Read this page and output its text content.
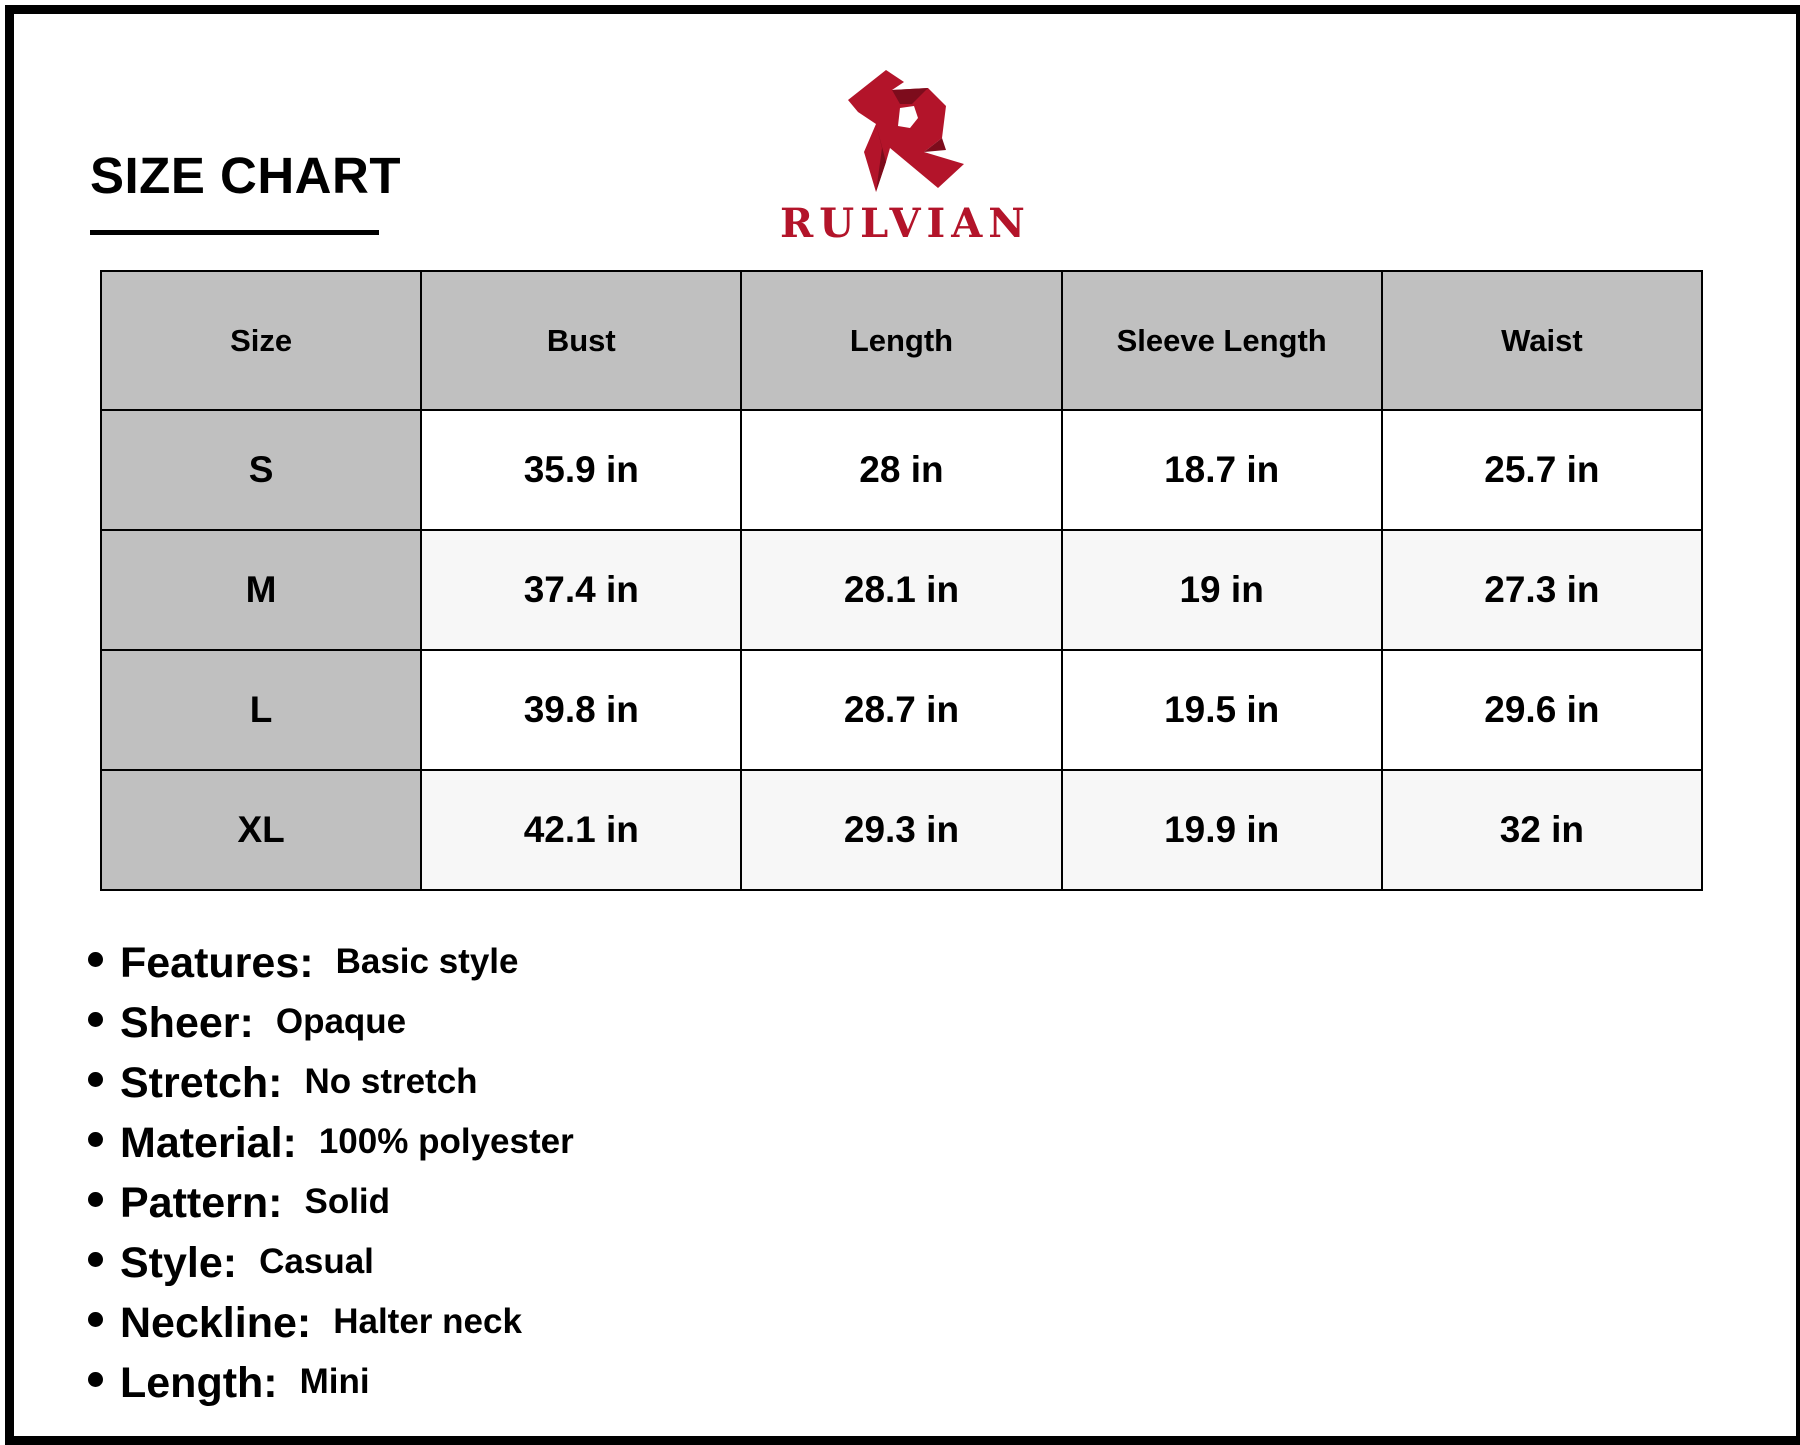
SIZE CHART
RULVIAN
Size	Bust	Length	Sleeve Length	Waist
S	35.9 in	28 in	18.7 in	25.7 in
M	37.4 in	28.1 in	19 in	27.3 in
L	39.8 in	28.7 in	19.5 in	29.6 in
XL	42.1 in	29.3 in	19.9 in	32 in
Features: Basic style
Sheer: Opaque
Stretch: No stretch
Material: 100% polyester
Pattern: Solid
Style: Casual
Neckline: Halter neck
Length: Mini
